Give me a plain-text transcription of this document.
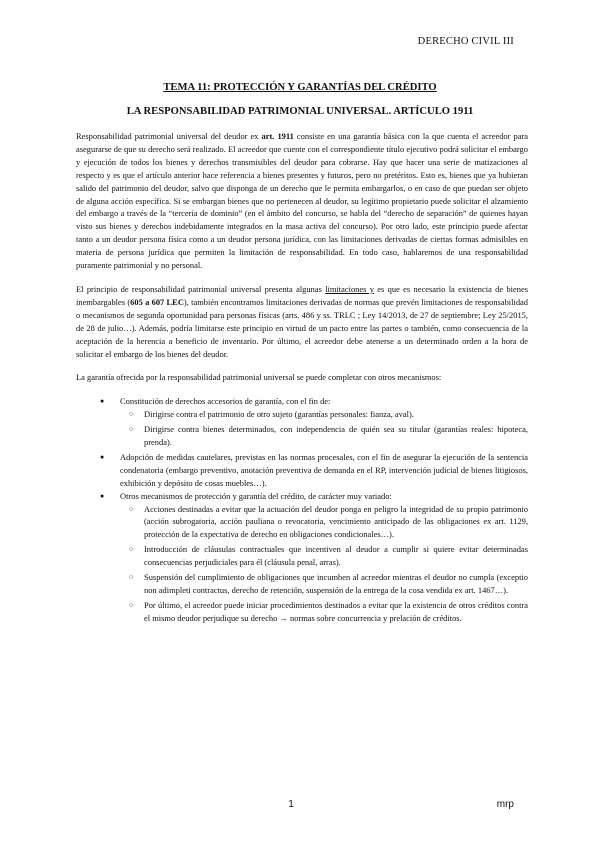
DERECHO CIVIL III
TEMA 11: PROTECCIÓN Y GARANTÍAS DEL CRÉDITO
LA RESPONSABILIDAD PATRIMONIAL UNIVERSAL. ARTÍCULO 1911

Responsabilidad patrimonial universal del deudor ex art. 1911 consiste en una garantía básica con la que cuenta el acreedor para asegurarse de que su derecho será realizado. El acreedor que cuente con el correspondiente título ejecutivo podrá solicitar el embargo y ejecución de todos los bienes y derechos transmisibles del deudor para cobrarse. Hay que hacer una serie de matizaciones al respecto y es que el artículo anterior hace referencia a bienes presentes y futuros, pero no pretéritos. Esto es, bienes que ya hubieran salido del patrimonio del deudor, salvo que disponga de un derecho que le permita embargarlos, o en caso de que puedan ser objeto de alguna acción específica. Si se embargan bienes que no pertenecen al deudor, su legítimo propietario puede solicitar el alzamiento del embargo a través de la “tercería de dominio” (en el ámbito del concurso, se habla del “derecho de separación” de quienes hayan visto sus bienes y derechos indebidamente integrados en la masa activa del concurso). Por otro lado, este principio puede afectar tanto a un deudor persona física como a un deudor persona jurídica, con las limitaciones derivadas de ciertas formas admisibles en materia de persona jurídica que permiten la limitación de responsabilidad. En todo caso, hablaremos de una responsabilidad puramente patrimonial y no personal.

El principio de responsabilidad patrimonial universal presenta algunas limitaciones y es que es necesario la existencia de bienes inembargables (605 a 607 LEC), también encontramos limitaciones derivadas de normas que prevén limitaciones de responsabilidad o mecanismos de segunda oportunidad para personas físicas (arts. 486 y ss. TRLC ; Ley 14/2013, de 27 de septiembre; Ley 25/2015, de 28 de julio…). Además, podría limitarse este principio en virtud de un pacto entre las partes o también, como consecuencia de la aceptación de la herencia a beneficio de inventario. Por último, el acreedor debe atenerse a un determinado orden a la hora de solicitar el embargo de los bienes del deudor.

La garantía ofrecida por la responsabilidad patrimonial universal se puede completar con otros mecanismos:

● Constitución de derechos accesorios de garantía, con el fin de:
○ Dirigirse contra el patrimonio de otro sujeto (garantías personales: fianza, aval).
○ Dirigirse contra bienes determinados, con independencia de quién sea su titular (garantías reales: hipoteca, prenda).
● Adopción de medidas cautelares, previstas en las normas procesales, con el fin de asegurar la ejecución de la sentencia condenatoria (embargo preventivo, anotación preventiva de demanda en el RP, intervención judicial de bienes litigiosos, exhibición y depósito de cosas muebles…).
● Otros mecanismos de protección y garantía del crédito, de carácter muy variado:
○ Acciones destinadas a evitar que la actuación del deudor ponga en peligro la integridad de su propio patrimonio (acción subrogatoria, acción pauliana o revocatoria, vencimiento anticipado de las obligaciones ex art. 1129, protección de la expectativa de derecho en obligaciones condicionales…).
○ Introducción de cláusulas contractuales que incentiven al deudor a cumplir si quiere evitar determinadas consecuencias perjudiciales para él (cláusula penal, arras).
○ Suspensión del cumplimiento de obligaciones que incumben al acreedor mientras el deudor no cumpla (exceptio non adimpleti contractus, derecho de retención, suspensión de la entrega de la cosa vendida ex art. 1467…).
○ Por último, el acreedor puede iniciar procedimientos destinados a evitar que la existencia de otros créditos contra el mismo deudor perjudique su derecho → normas sobre concurrencia y prelación de créditos.
1	mrp
